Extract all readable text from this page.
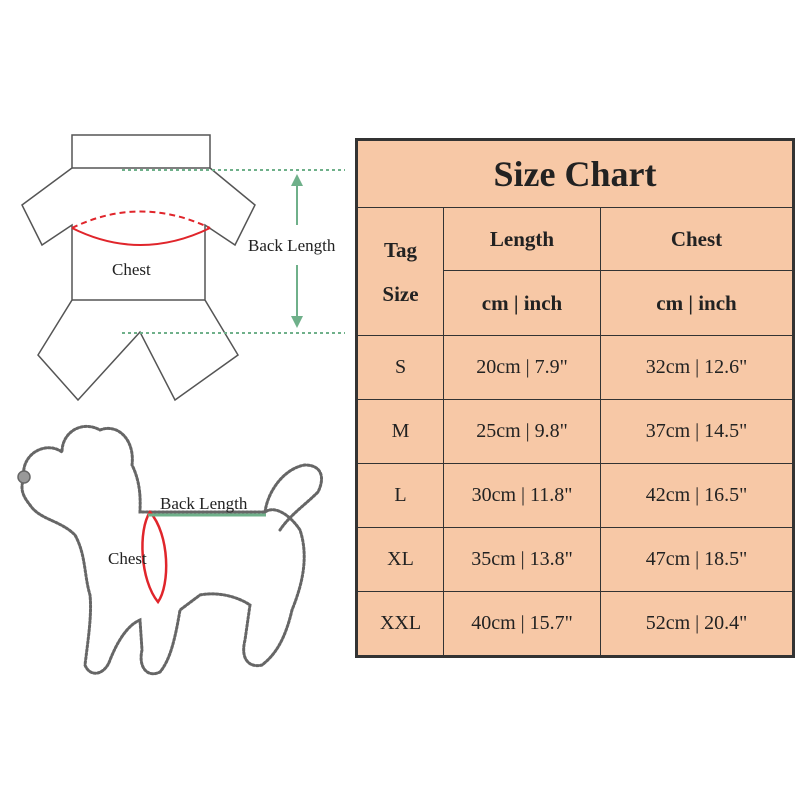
Chest
Back Length
Back Length
Chest
Size Chart		
Tag
Size	Length	Chest
	cm | inch	cm | inch
S	20cm | 7.9"	32cm | 12.6"
M	25cm | 9.8"	37cm | 14.5"
L	30cm | 11.8"	42cm | 16.5"
XL	35cm | 13.8"	47cm | 18.5"
XXL	40cm | 15.7"	52cm | 20.4"
